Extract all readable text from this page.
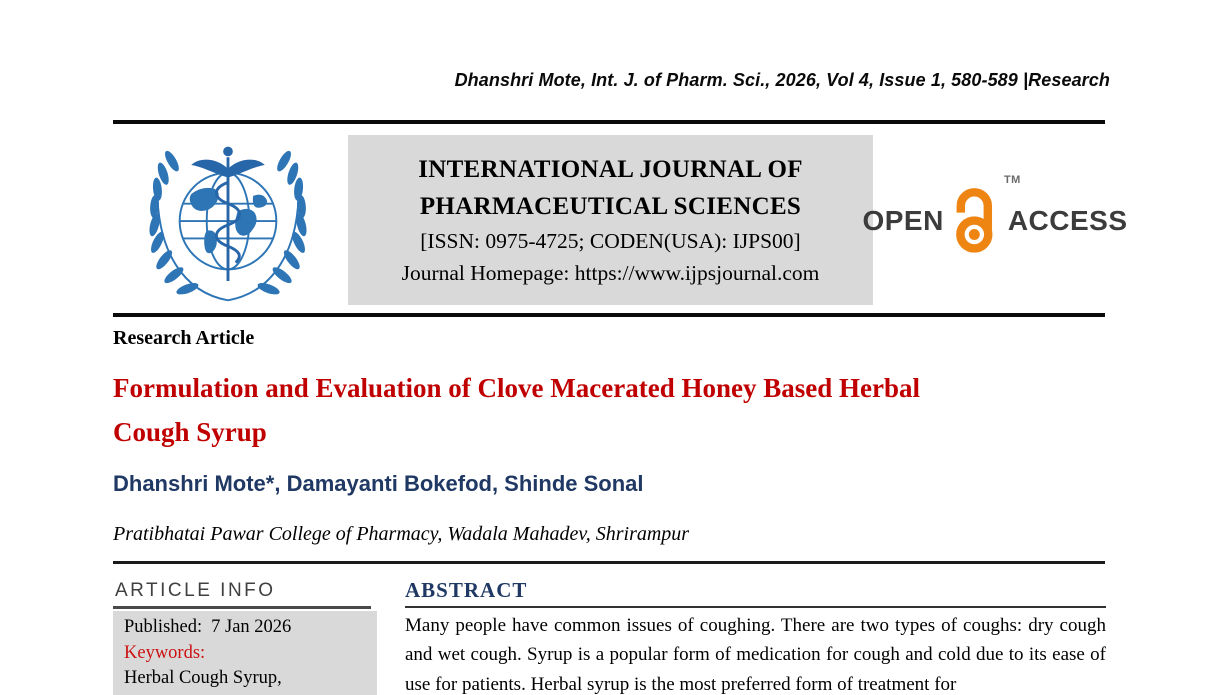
Dhanshri Mote, Int. J. of Pharm. Sci., 2026, Vol 4, Issue 1, 580-589 |Research
INTERNATIONAL JOURNAL OF
PHARMACEUTICAL SCIENCES
[ISSN: 0975-4725; CODEN(USA): IJPS00]
Journal Homepage: https://www.ijpsjournal.com
OPEN
TM
ACCESS
Research Article
Formulation and Evaluation of Clove Macerated Honey Based Herbal
Cough Syrup
Dhanshri Mote*, Damayanti Bokefod, Shinde Sonal
Pratibhatai Pawar College of Pharmacy, Wadala Mahadev, Shrirampur
ARTICLE INFO
Published: 7 Jan 2026
Keywords:
Herbal Cough Syrup,
ABSTRACT
Many people have common issues of coughing. There are two types of coughs: dry cough and wet cough. Syrup is a popular form of medication for cough and cold due to its ease of use for patients. Herbal syrup is the most preferred form of treatment for
